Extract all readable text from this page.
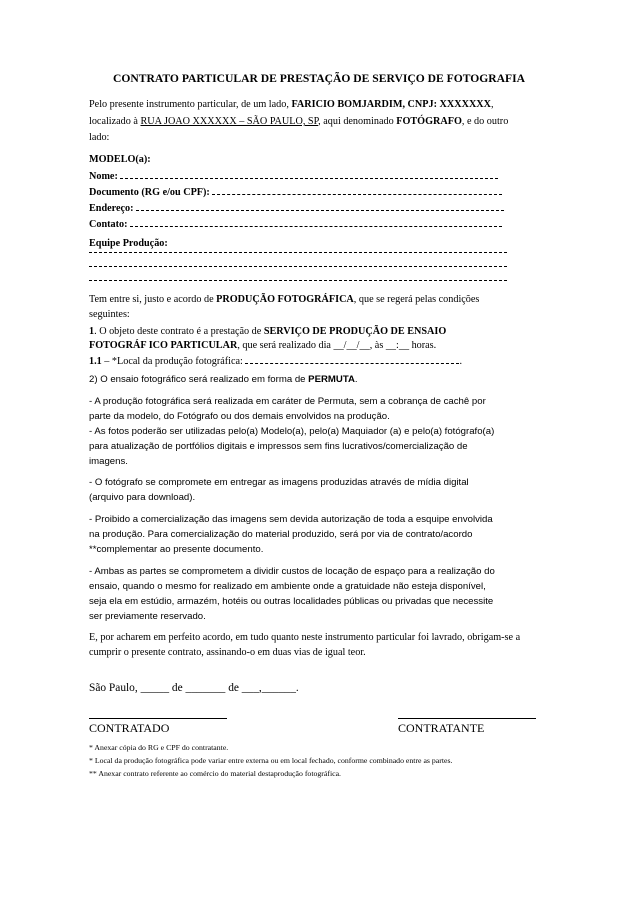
CONTRATO PARTICULAR DE PRESTAÇÃO DE SERVIÇO DE FOTOGRAFIA
Pelo presente instrumento particular, de um lado, FARICIO BOMJARDIM, CNPJ: XXXXXXX,
localizado à RUA JOAO XXXXXX – SÃO PAULO, SP, aqui denominado FOTÓGRAFO, e do outro
lado:
MODELO(a):
Nome:
Documento (RG e/ou CPF):
Endereço:
Contato:
Equipe Produção:
Tem entre si, justo e acordo de PRODUÇÃO FOTOGRÁFICA, que se regerá pelas condições
seguintes:
1. O objeto deste contrato é a prestação de SERVIÇO DE PRODUÇÃO DE ENSAIO
FOTOGRÁF ICO PARTICULAR, que será realizado dia __/__/__, às __:__ horas.
1.1 – *Local da produção fotográfica:	.
2) O ensaio fotográfico será realizado em forma de PERMUTA.
- A produção fotográfica será realizada em caráter de Permuta, sem a cobrança de cachê por
parte da modelo, do Fotógrafo ou dos demais envolvidos na produção.
- As fotos poderão ser utilizadas pelo(a) Modelo(a), pelo(a) Maquiador (a) e pelo(a) fotógrafo(a)
para atualização de portfólios digitais e impressos sem fins lucrativos/comercialização de
imagens.
- O fotógrafo se compromete em entregar as imagens produzidas através de mídia digital
(arquivo para download).
- Proibido a comercialização das imagens sem devida autorização de toda a esquipe envolvida
na produção. Para comercialização do material produzido, será por via de contrato/acordo
**complementar ao presente documento.
- Ambas as partes se comprometem a dividir custos de locação de espaço para a realização do
ensaio, quando o mesmo for realizado em ambiente onde a gratuidade não esteja disponível,
seja ela em estúdio, armazém, hotéis ou outras localidades públicas ou privadas que necessite
ser previamente reservado.
E, por acharem em perfeito acordo, em tudo quanto neste instrumento particular foi lavrado, obrigam-se a
cumprir o presente contrato, assinando-o em duas vias de igual teor.
São Paulo, _____ de _______ de ___,______.
CONTRATADO	CONTRATANTE
* Anexar cópia do RG e CPF do contratante.
* Local da produção fotográfica pode variar entre externa ou em local fechado, conforme combinado entre as partes.
** Anexar contrato referente ao comércio do material destaprodução fotográfica.
